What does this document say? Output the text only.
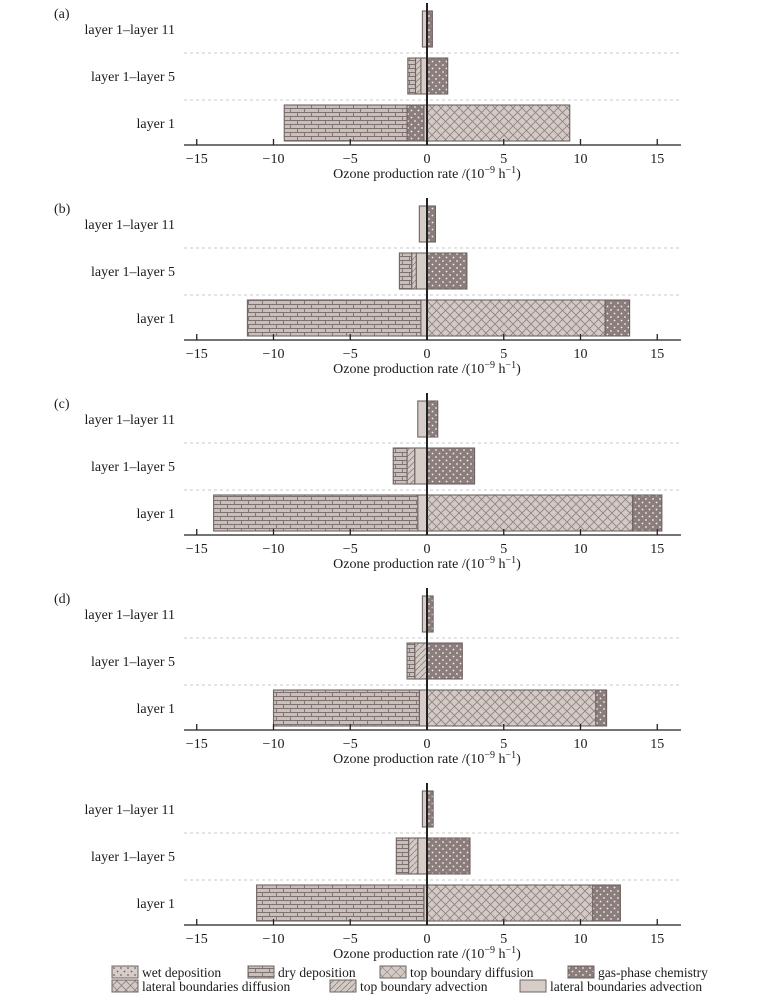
(a)
layer 1–layer 11
layer 1–layer 5
layer 1
−15	−10	−5	0	5	10	15
Ozone production rate $/(10^{-9}$ $h^{-1}$)
(b)
layer 1–layer 11
layer 1–layer 5
layer 1
−15	−10	−5	0	5	10	15
Ozone production rate $/(10^{-9}$ $h^{-1}$)
(c)
layer 1–layer 11
layer 1–layer 5
layer 1
−15	−10	−5	0	5	10	15
Ozone production rate $/(10^{-9}$ $h^{-1}$)
(d)
layer 1–layer 11
layer 1–layer 5
layer 1
−15	−10	−5	0	5	10	15
Ozone production rate $/(10^{-9}$ $h^{-1}$)
layer 1–layer 11
layer 1–layer 5
layer 1
−15	−10	−5	0	5	10	15
Ozone production rate $/(10^{-9}$ $h^{-1}$)
wet deposition	dry deposition	top boundary diffusion	gas-phase chemistry
lateral boundaries diffusion	top boundary advection	lateral boundaries advection
